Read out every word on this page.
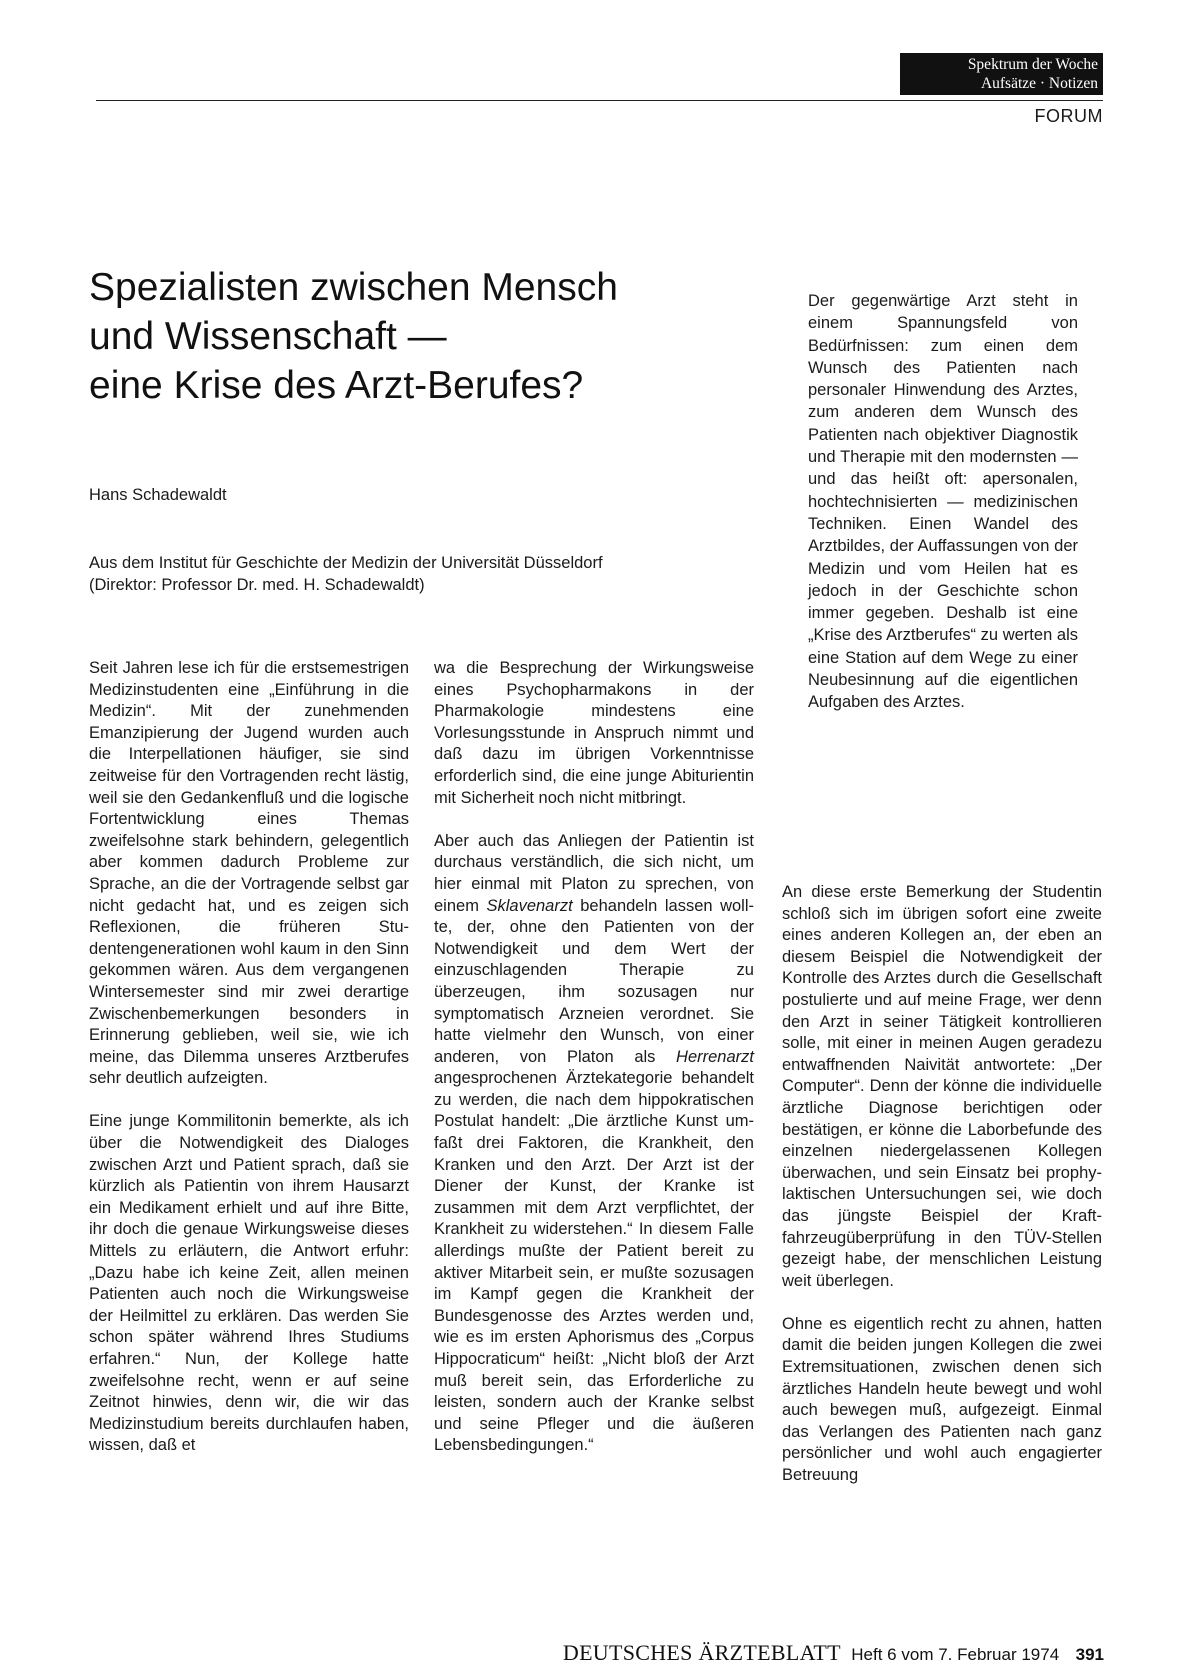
Spektrum der Woche
Aufsätze · Notizen
FORUM
Spezialisten zwischen Mensch
und Wissenschaft —
eine Krise des Arzt-Berufes?
Hans Schadewaldt
Aus dem Institut für Geschichte der Medizin der Universität Düsseldorf
(Direktor: Professor Dr. med. H. Schadewaldt)

Der gegenwärtige Arzt steht in einem Spannungsfeld von Bedürfnissen: zum einen dem Wunsch des Patienten nach personaler Hinwendung des Arztes, zum anderen dem Wunsch des Patienten nach objektiver Diagnostik und Therapie mit den modernsten — und das heißt oft: apersonalen, hochtechnisierten — medizinischen Techniken. Einen Wandel des Arztbildes, der Auffassungen von der Medizin und vom Heilen hat es jedoch in der Geschichte schon immer gegeben. Deshalb ist eine „Krise des Arztberufes“ zu werten als eine Station auf dem Wege zu einer Neubesinnung auf die eigentlichen Aufgaben des Arztes.

Seit Jahren lese ich für die erstsemestrigen Medizinstudenten eine „Einführung in die Medizin“. Mit der zunehmenden Emanzipierung der Jugend wurden auch die Interpellationen häufiger, sie sind zeitweise für den Vortragenden recht lästig, weil sie den Gedankenfluß und die logische Fortentwicklung eines Themas zweifelsohne stark behindern, gelegentlich aber kommen dadurch Probleme zur Sprache, an die der Vortragende selbst gar nicht gedacht hat, und es zeigen sich Reflexionen, die früheren Studentengenerationen wohl kaum in den Sinn gekommen wären. Aus dem vergangenen Wintersemester sind mir zwei derartige Zwischenbemerkungen besonders in Erinnerung geblieben, weil sie, wie ich meine, das Dilemma unseres Arztberufes sehr deutlich aufzeigten.

Eine junge Kommilitonin bemerkte, als ich über die Notwendigkeit des Dialoges zwischen Arzt und Patient sprach, daß sie kürzlich als Patientin von ihrem Hausarzt ein Medikament erhielt und auf ihre Bitte, ihr doch die genaue Wirkungsweise dieses Mittels zu erläutern, die Antwort erfuhr: „Dazu habe ich keine Zeit, allen meinen Patienten auch noch die Wirkungsweise der Heilmittel zu erklären. Das werden Sie schon später während Ihres Studiums erfahren.“ Nun, der Kollege hatte zweifelsohne recht, wenn er auf seine Zeitnot hinwies, denn wir, die wir das Medizinstudium bereits durchlaufen haben, wissen, daß et

wa die Besprechung der Wirkungsweise eines Psychopharmakons in der Pharmakologie mindestens eine Vorlesungsstunde in Anspruch nimmt und daß dazu im übrigen Vorkenntnisse erforderlich sind, die eine junge Abiturientin mit Sicherheit noch nicht mitbringt.

Aber auch das Anliegen der Patientin ist durchaus verständlich, die sich nicht, um hier einmal mit Platon zu sprechen, von einem Sklavenarzt behandeln lassen wollte, der, ohne den Patienten von der Notwendigkeit und dem Wert der einzuschlagenden Therapie zu überzeugen, ihm sozusagen nur symptomatisch Arzneien verordnet. Sie hatte vielmehr den Wunsch, von einer anderen, von Platon als Herrenarzt angesprochenen Ärztekategorie behandelt zu werden, die nach dem hippokratischen Postulat handelt: „Die ärztliche Kunst umfaßt drei Faktoren, die Krankheit, den Kranken und den Arzt. Der Arzt ist der Diener der Kunst, der Kranke ist zusammen mit dem Arzt verpflichtet, der Krankheit zu widerstehen.“ In diesem Falle allerdings mußte der Patient bereit zu aktiver Mitarbeit sein, er mußte sozusagen im Kampf gegen die Krankheit der Bundesgenosse des Arztes werden und, wie es im ersten Aphorismus des „Corpus Hippocraticum“ heißt: „Nicht bloß der Arzt muß bereit sein, das Erforderliche zu leisten, sondern auch der Kranke selbst und seine Pfleger und die äußeren Lebensbedingungen.“

An diese erste Bemerkung der Studentin schloß sich im übrigen sofort eine zweite eines anderen Kollegen an, der eben an diesem Beispiel die Notwendigkeit der Kontrolle des Arztes durch die Gesellschaft postulierte und auf meine Frage, wer denn den Arzt in seiner Tätigkeit kontrollieren solle, mit einer in meinen Augen geradezu entwaffnenden Naivität antwortete: „Der Computer“. Denn der könne die individuelle ärztliche Diagnose berichtigen oder bestätigen, er könne die Laborbefunde des einzelnen niedergelassenen Kollegen überwachen, und sein Einsatz bei prophylaktischen Untersuchungen sei, wie doch das jüngste Beispiel der Kraftfahrzeugüberprüfung in den TÜV-Stellen gezeigt habe, der menschlichen Leistung weit überlegen.

Ohne es eigentlich recht zu ahnen, hatten damit die beiden jungen Kollegen die zwei Extremsituationen, zwischen denen sich ärztliches Handeln heute bewegt und wohl auch bewegen muß, aufgezeigt. Einmal das Verlangen des Patienten nach ganz persönlicher und wohl auch engagierter Betreuung

DEUTSCHES ÄRZTEBLATT Heft 6 vom 7. Februar 1974 391
